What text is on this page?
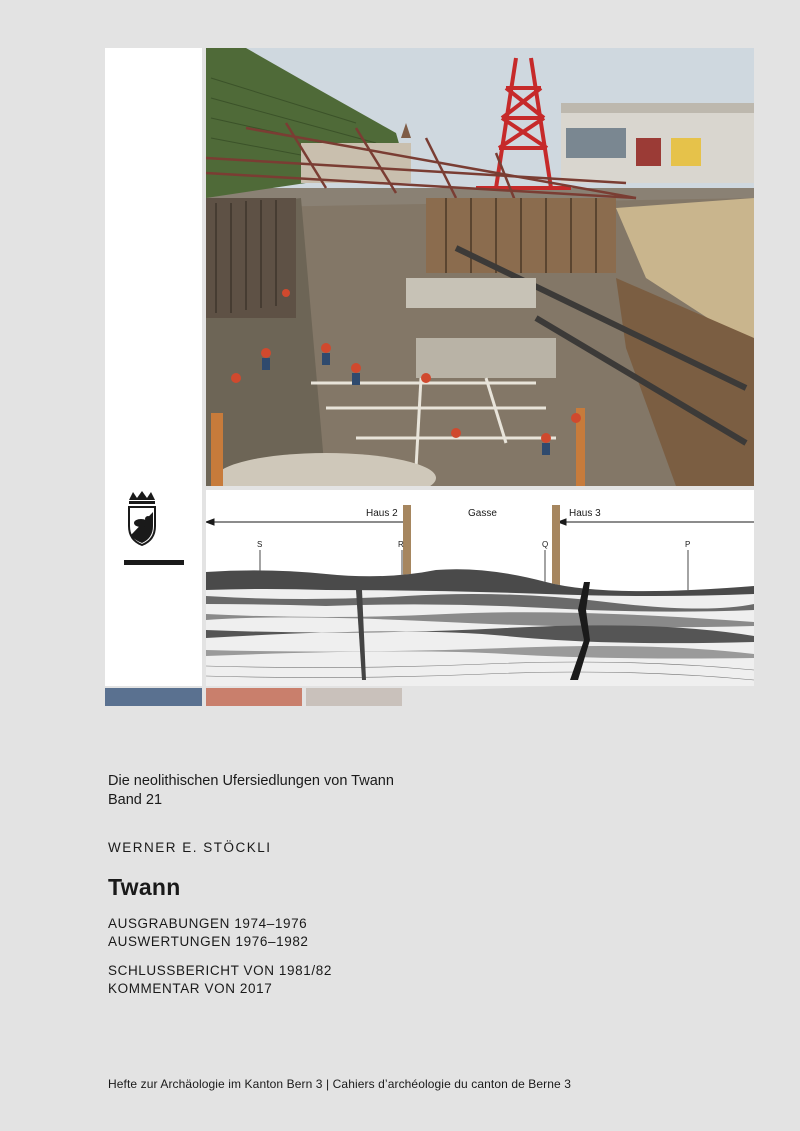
Haus 2	Gasse	Haus 3
S	R	Q	P
Die neolithischen Ufersiedlungen von Twann
Band 21
WERNER E. STÖCKLI
Twann
AUSGRABUNGEN 1974–1976
AUSWERTUNGEN 1976–1982
SCHLUSSBERICHT VON 1981/82
KOMMENTAR VON 2017
Hefte zur Archäologie im Kanton Bern 3 | Cahiers d’archéologie du canton de Berne 3
